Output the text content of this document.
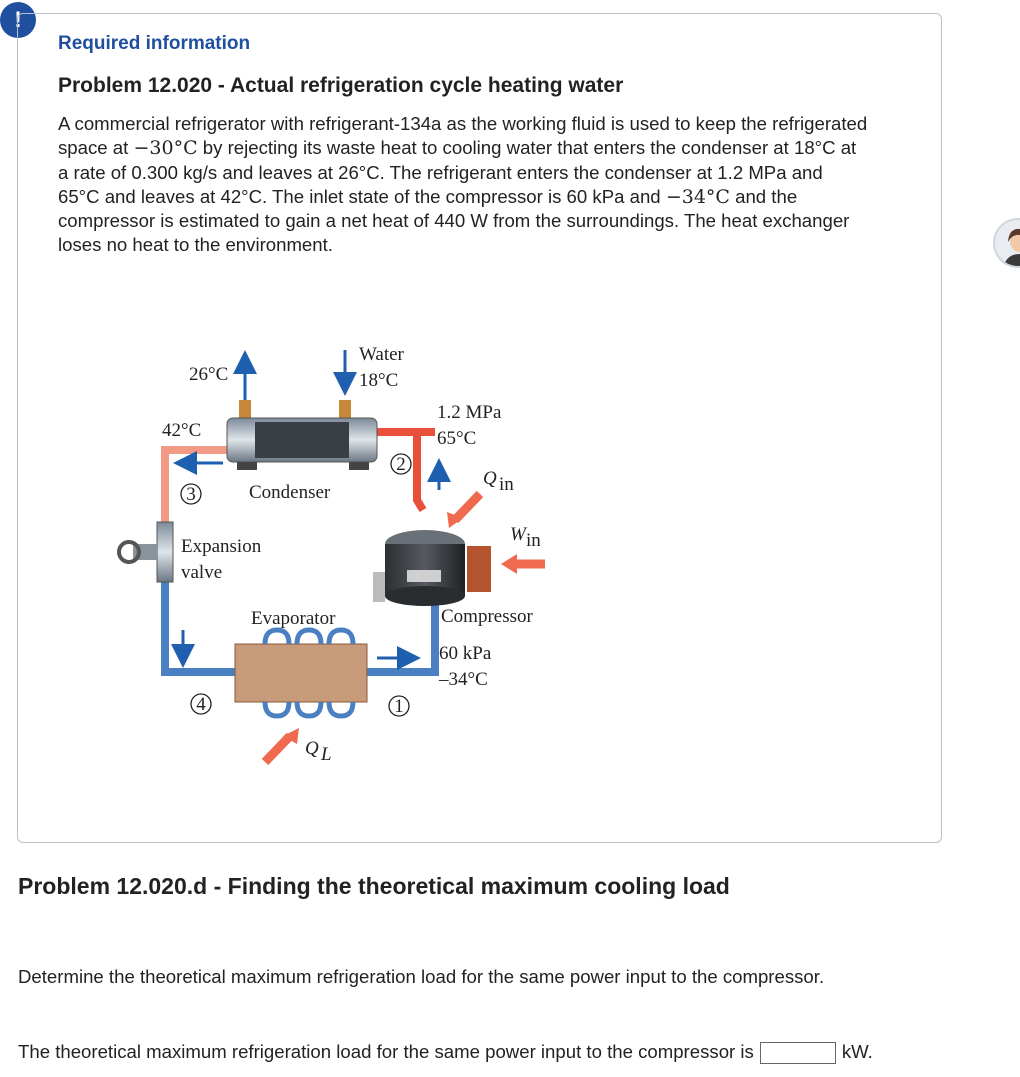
!
Required information
Problem 12.020 - Actual refrigeration cycle heating water
A commercial refrigerator with refrigerant-134a as the working fluid is used to keep the refrigerated space at −30°C by rejecting its waste heat to cooling water that enters the condenser at 18°C at a rate of 0.300 kg/s and leaves at 26°C. The refrigerant enters the condenser at 1.2 MPa and 65°C and leaves at 42°C. The inlet state of the compressor is 60 kPa and −34°C and the compressor is estimated to gain a net heat of 440 W from the surroundings. The heat exchanger loses no heat to the environment.
26°C
Water
18°C
Condenser
42°C
1.2 MPa
65°C
Q in
W in
Compressor
60 kPa
–34°C
Expansion
valve
Evaporator
Q L
3
2
4	1
Problem 12.020.d - Finding the theoretical maximum cooling load
Determine the theoretical maximum refrigeration load for the same power input to the compressor.
The theoretical maximum refrigeration load for the same power input to the compressor is	kW.
